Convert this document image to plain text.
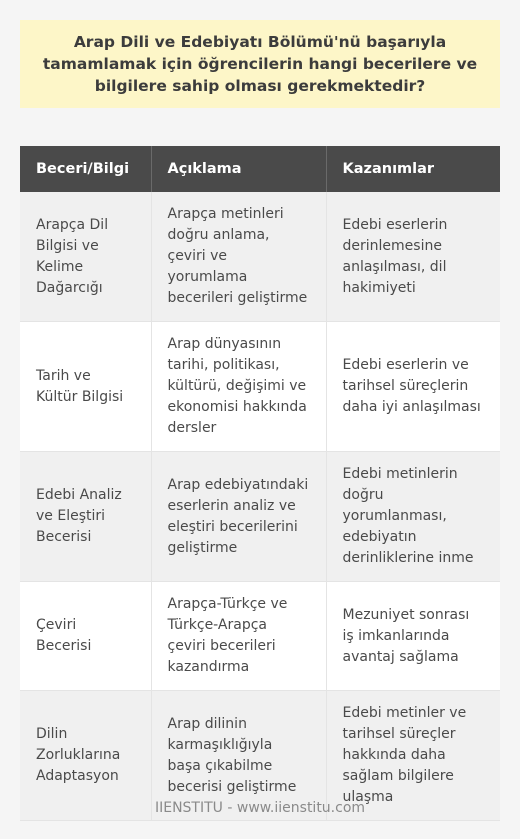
Arap Dili ve Edebiyatı Bölümü'nü başarıyla tamamlamak için öğrencilerin hangi becerilere ve bilgilere sahip olması gerekmektedir?
Beceri/Bilgi	Açıklama	Kazanımlar
Arapça Dil Bilgisi ve Kelime Dağarcığı	Arapça metinleri doğru anlama, çeviri ve yorumlama becerileri geliştirme	Edebi eserlerin derinlemesine anlaşılması, dil hakimiyeti
Tarih ve Kültür Bilgisi	Arap dünyasının tarihi, politikası, kültürü, değişimi ve ekonomisi hakkında dersler	Edebi eserlerin ve tarihsel süreçlerin daha iyi anlaşılması
Edebi Analiz ve Eleştiri Becerisi	Arap edebiyatındaki eserlerin analiz ve eleştiri becerilerini geliştirme	Edebi metinlerin doğru yorumlanması, edebiyatın derinliklerine inme
Çeviri Becerisi	Arapça-Türkçe ve Türkçe-Arapça çeviri becerileri kazandırma	Mezuniyet sonrası iş imkanlarında avantaj sağlama
Dilin Zorluklarına Adaptasyon	Arap dilinin karmaşıklığıyla başa çıkabilme becerisi geliştirme	Edebi metinler ve tarihsel süreçler hakkında daha sağlam bilgilere ulaşma
IIENSTITU - www.iienstitu.com
